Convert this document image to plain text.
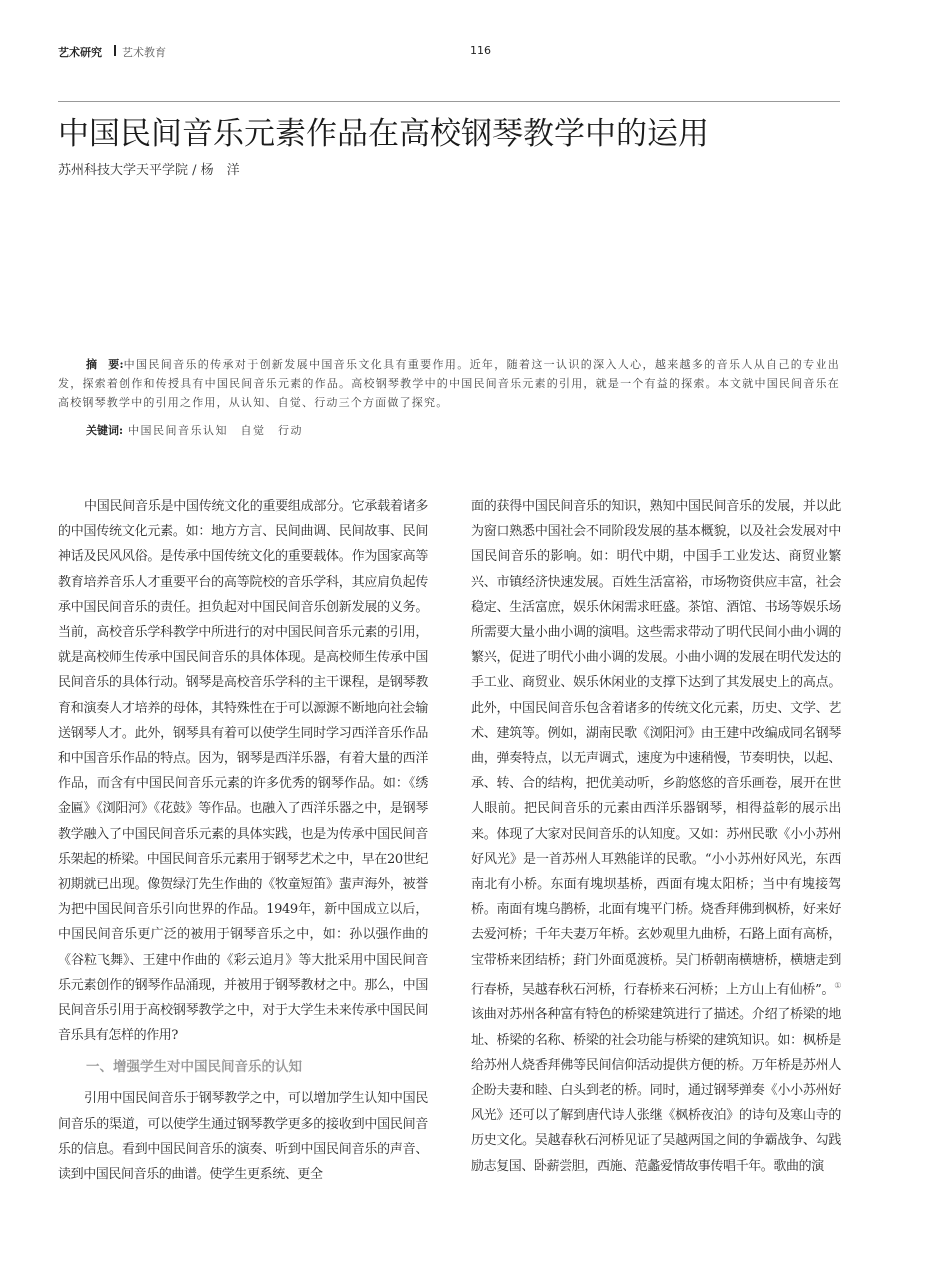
艺术研究 艺术教育	116
中国民间音乐元素作品在高校钢琴教学中的运用
苏州科技大学天平学院 / 杨　洋
摘　要:中国民间音乐的传承对于创新发展中国音乐文化具有重要作用。近年，随着这一认识的深入人心，越来越多的音乐人从自己的专业出发，探索着创作和传授具有中国民间音乐元素的作品。高校钢琴教学中的中国民间音乐元素的引用，就是一个有益的探索。本文就中国民间音乐在高校钢琴教学中的引用之作用，从认知、自觉、行动三个方面做了探究。
关键词: 中国民间音乐认知　自觉　行动

中国民间音乐是中国传统文化的重要组成部分。它承载着诸多的中国传统文化元素。如：地方方言、民间曲调、民间故事、民间神话及民风风俗。是传承中国传统文化的重要载体。作为国家高等教育培养音乐人才重要平台的高等院校的音乐学科，其应肩负起传承中国民间音乐的责任。担负起对中国民间音乐创新发展的义务。当前，高校音乐学科教学中所进行的对中国民间音乐元素的引用，就是高校师生传承中国民间音乐的具体体现。是高校师生传承中国民间音乐的具体行动。钢琴是高校音乐学科的主干课程，是钢琴教育和演奏人才培养的母体，其特殊性在于可以源源不断地向社会输送钢琴人才。此外，钢琴具有着可以使学生同时学习西洋音乐作品和中国音乐作品的特点。因为，钢琴是西洋乐器，有着大量的西洋作品，而含有中国民间音乐元素的许多优秀的钢琴作品。如：《绣金匾》《浏阳河》《花鼓》等作品。也融入了西洋乐器之中，是钢琴教学融入了中国民间音乐元素的具体实践，也是为传承中国民间音乐架起的桥梁。中国民间音乐元素用于钢琴艺术之中，早在20世纪初期就已出现。像贺绿汀先生作曲的《牧童短笛》蜚声海外，被誉为把中国民间音乐引向世界的作品。1949年，新中国成立以后，中国民间音乐更广泛的被用于钢琴音乐之中，如：孙以强作曲的《谷粒飞舞》、王建中作曲的《彩云追月》等大批采用中国民间音乐元素创作的钢琴作品涌现，并被用于钢琴教材之中。那么，中国民间音乐引用于高校钢琴教学之中，对于大学生未来传承中国民间音乐具有怎样的作用?

一、增强学生对中国民间音乐的认知

引用中国民间音乐于钢琴教学之中，可以增加学生认知中国民间音乐的渠道，可以使学生通过钢琴教学更多的接收到中国民间音乐的信息。看到中国民间音乐的演奏、听到中国民间音乐的声音、读到中国民间音乐的曲谱。使学生更系统、更全

面的获得中国民间音乐的知识，熟知中国民间音乐的发展，并以此为窗口熟悉中国社会不同阶段发展的基本概貌，以及社会发展对中国民间音乐的影响。如：明代中期，中国手工业发达、商贸业繁兴、市镇经济快速发展。百姓生活富裕，市场物资供应丰富，社会稳定、生活富庶，娱乐休闲需求旺盛。茶馆、酒馆、书场等娱乐场所需要大量小曲小调的演唱。这些需求带动了明代民间小曲小调的繁兴，促进了明代小曲小调的发展。小曲小调的发展在明代发达的手工业、商贸业、娱乐休闲业的支撑下达到了其发展史上的高点。此外，中国民间音乐包含着诸多的传统文化元素，历史、文学、艺术、建筑等。例如，湖南民歌《浏阳河》由王建中改编成同名钢琴曲，弹奏特点，以无声调式，速度为中速稍慢，节奏明快，以起、承、转、合的结构，把优美动听，乡韵悠悠的音乐画卷，展开在世人眼前。把民间音乐的元素由西洋乐器钢琴，相得益彰的展示出来。体现了大家对民间音乐的认知度。又如：苏州民歌《小小苏州好风光》是一首苏州人耳熟能详的民歌。“小小苏州好风光，东西南北有小桥。东面有塊坝基桥，西面有塊太阳桥；当中有塊接驾桥。南面有塊乌鹊桥，北面有塊平门桥。烧香拜佛到枫桥，好来好去爱河桥；千年夫妻万年桥。玄妙观里九曲桥，石路上面有高桥，宝带桥来团结桥；葑门外面觅渡桥。吴门桥朝南横塘桥，横塘走到行春桥，吴越春秋石河桥，行春桥来石河桥；上方山上有仙桥”。①该曲对苏州各种富有特色的桥梁建筑进行了描述。介绍了桥梁的地址、桥梁的名称、桥梁的社会功能与桥梁的建筑知识。如：枫桥是给苏州人烧香拜佛等民间信仰活动提供方便的桥。万年桥是苏州人企盼夫妻和睦、白头到老的桥。同时，通过钢琴弹奏《小小苏州好风光》还可以了解到唐代诗人张继《枫桥夜泊》的诗句及寒山寺的历史文化。吴越春秋石河桥见证了吴越两国之间的争霸战争、勾践励志复国、卧薪尝胆，西施、范蠡爱情故事传唱千年。歌曲的演
